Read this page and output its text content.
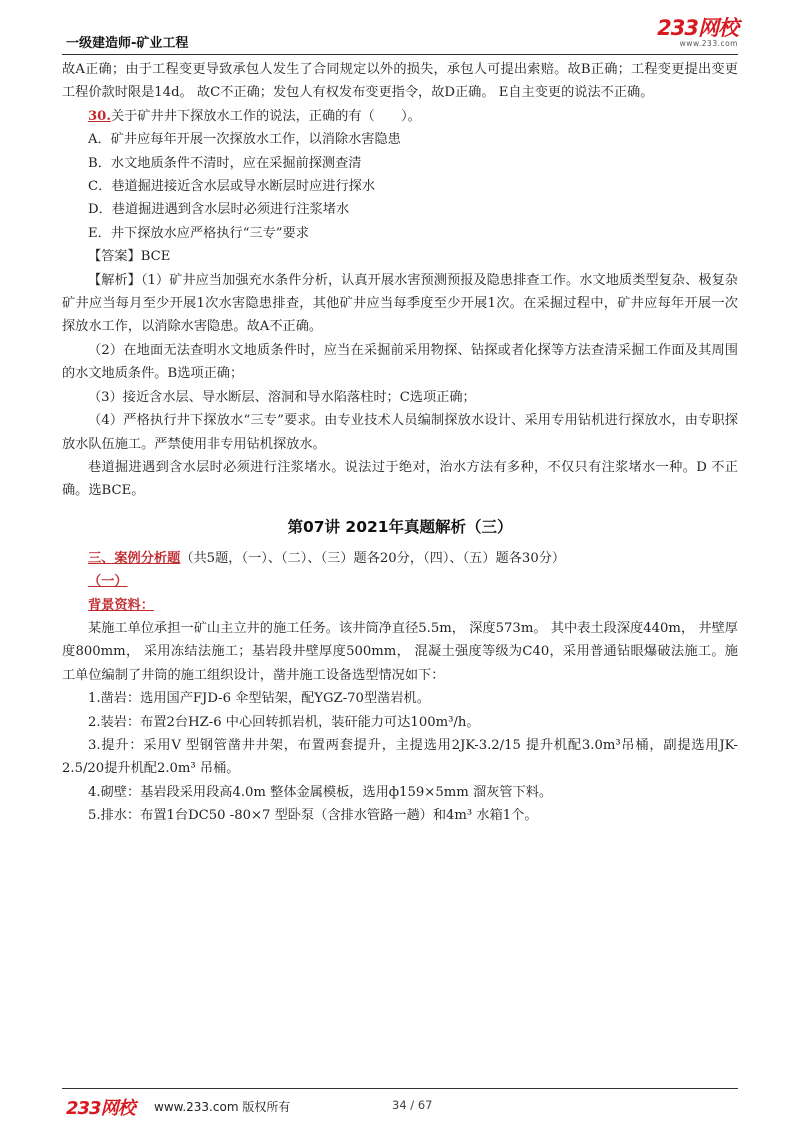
一级建造师-矿业工程
233网校
www.233.com

故A正确；由于工程变更导致承包人发生了合同规定以外的损失，承包人可提出索赔。故B正确；工程变更提出变更工程价款时限是14d。 故C不正确；发包人有权发布变更指令，故D正确。 E自主变更的说法不正确。

30.关于矿井井下探放水工作的说法，正确的有（　　）。

A．矿井应每年开展一次探放水工作，以消除水害隐患

B．水文地质条件不清时，应在采掘前探测查清

C．巷道掘进接近含水层或导水断层时应进行探水

D．巷道掘进遇到含水层时必须进行注浆堵水

E．井下探放水应严格执行“三专”要求

【答案】BCE

【解析】（1）矿井应当加强充水条件分析，认真开展水害预测预报及隐患排查工作。水文地质类型复杂、极复杂矿井应当每月至少开展1次水害隐患排查，其他矿井应当每季度至少开展1次。在采掘过程中，矿井应每年开展一次探放水工作，以消除水害隐患。故A不正确。

（2）在地面无法查明水文地质条件时，应当在采掘前采用物探、钻探或者化探等方法查清采掘工作面及其周围的水文地质条件。B选项正确；

（3）接近含水层、导水断层、溶洞和导水陷落柱时；C选项正确；

（4）严格执行井下探放水“三专”要求。由专业技术人员编制探放水设计、采用专用钻机进行探放水，由专职探放水队伍施工。严禁使用非专用钻机探放水。

巷道掘进遇到含水层时必须进行注浆堵水。说法过于绝对，治水方法有多种，不仅只有注浆堵水一种。D 不正确。选BCE。

第07讲 2021年真题解析（三）

三、案例分析题（共5题，（一）、（二）、（三）题各20分，（四）、（五）题各30分）

（一）

背景资料：

某施工单位承担一矿山主立井的施工任务。该井筒净直径5.5m， 深度573m。 其中表土段深度440m， 井壁厚度800mm， 采用冻结法施工；基岩段井壁厚度500mm， 混凝土强度等级为C40，采用普通钻眼爆破法施工。施工单位编制了井筒的施工组织设计，凿井施工设备选型情况如下：

1.凿岩：选用国产FJD-6 伞型钻架，配YGZ-70型凿岩机。

2.装岩：布置2台HZ-6 中心回转抓岩机，装矸能力可达100m³/h。

3.提升：采用V 型钢管凿井井架，布置两套提升，主提选用2JK-3.2/15 提升机配3.0m³吊桶，副提选用JK-2.5/20提升机配2.0m³ 吊桶。

4.砌壁：基岩段采用段高4.0m 整体金属模板，选用ф159×5mm 溜灰管下料。

5.排水：布置1台DC50 -80×7 型卧泵（含排水管路一趟）和4m³ 水箱1个。

233网校 www.233.com 版权所有	34 / 67
